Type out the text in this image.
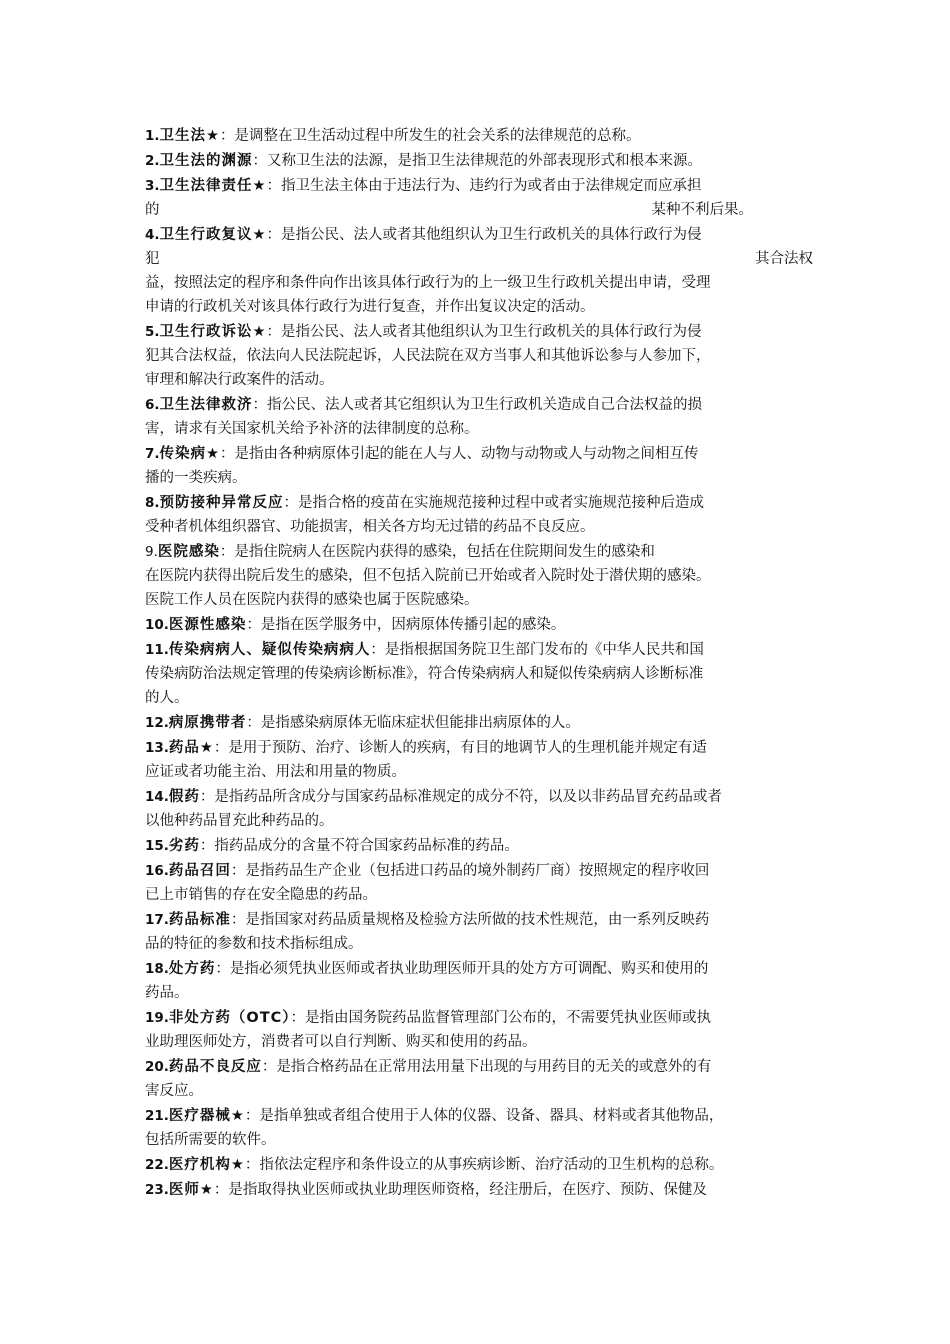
1.卫生法★：是调整在卫生活动过程中所发生的社会关系的法律规范的总称。
2.卫生法的渊源：又称卫生法的法源，是指卫生法律规范的外部表现形式和根本来源。
3.卫生法律责任★：指卫生法主体由于违法行为、违约行为或者由于法律规定而应承担
的	某种不利后果。
4.卫生行政复议★：是指公民、法人或者其他组织认为卫生行政机关的具体行政行为侵
犯	其合法权
益，按照法定的程序和条件向作出该具体行政行为的上一级卫生行政机关提出申请，受理
申请的行政机关对该具体行政行为进行复查，并作出复议决定的活动。
5.卫生行政诉讼★：是指公民、法人或者其他组织认为卫生行政机关的具体行政行为侵
犯其合法权益，依法向人民法院起诉，人民法院在双方当事人和其他诉讼参与人参加下，
审理和解决行政案件的活动。
6.卫生法律救济：指公民、法人或者其它组织认为卫生行政机关造成自己合法权益的损
害，请求有关国家机关给予补济的法律制度的总称。
7.传染病★：是指由各种病原体引起的能在人与人、动物与动物或人与动物之间相互传
播的一类疾病。
8.预防接种异常反应：是指合格的疫苗在实施规范接种过程中或者实施规范接种后造成
受种者机体组织器官、功能损害，相关各方均无过错的药品不良反应。
9.医院感染：是指住院病人在医院内获得的感染，包括在住院期间发生的感染和
在医院内获得出院后发生的感染，但不包括入院前已开始或者入院时处于潜伏期的感染。
医院工作人员在医院内获得的感染也属于医院感染。
10.医源性感染：是指在医学服务中，因病原体传播引起的感染。
11.传染病病人、疑似传染病病人：是指根据国务院卫生部门发布的《中华人民共和国
传染病防治法规定管理的传染病诊断标准》，符合传染病病人和疑似传染病病人诊断标准
的人。
12.病原携带者：是指感染病原体无临床症状但能排出病原体的人。
13.药品★：是用于预防、治疗、诊断人的疾病，有目的地调节人的生理机能并规定有适
应证或者功能主治、用法和用量的物质。
14.假药：是指药品所含成分与国家药品标准规定的成分不符，以及以非药品冒充药品或者
以他种药品冒充此种药品的。
15.劣药：指药品成分的含量不符合国家药品标准的药品。
16.药品召回：是指药品生产企业（包括进口药品的境外制药厂商）按照规定的程序收回
已上市销售的存在安全隐患的药品。
17.药品标准：是指国家对药品质量规格及检验方法所做的技术性规范，由一系列反映药
品的特征的参数和技术指标组成。
18.处方药：是指必须凭执业医师或者执业助理医师开具的处方方可调配、购买和使用的
药品。
19.非处方药（OTC）：是指由国务院药品监督管理部门公布的，不需要凭执业医师或执
业助理医师处方，消费者可以自行判断、购买和使用的药品。
20.药品不良反应：是指合格药品在正常用法用量下出现的与用药目的无关的或意外的有
害反应。
21.医疗器械★：是指单独或者组合使用于人体的仪器、设备、器具、材料或者其他物品，
包括所需要的软件。
22.医疗机构★：指依法定程序和条件设立的从事疾病诊断、治疗活动的卫生机构的总称。
23.医师★：是指取得执业医师或执业助理医师资格，经注册后，在医疗、预防、保健及
